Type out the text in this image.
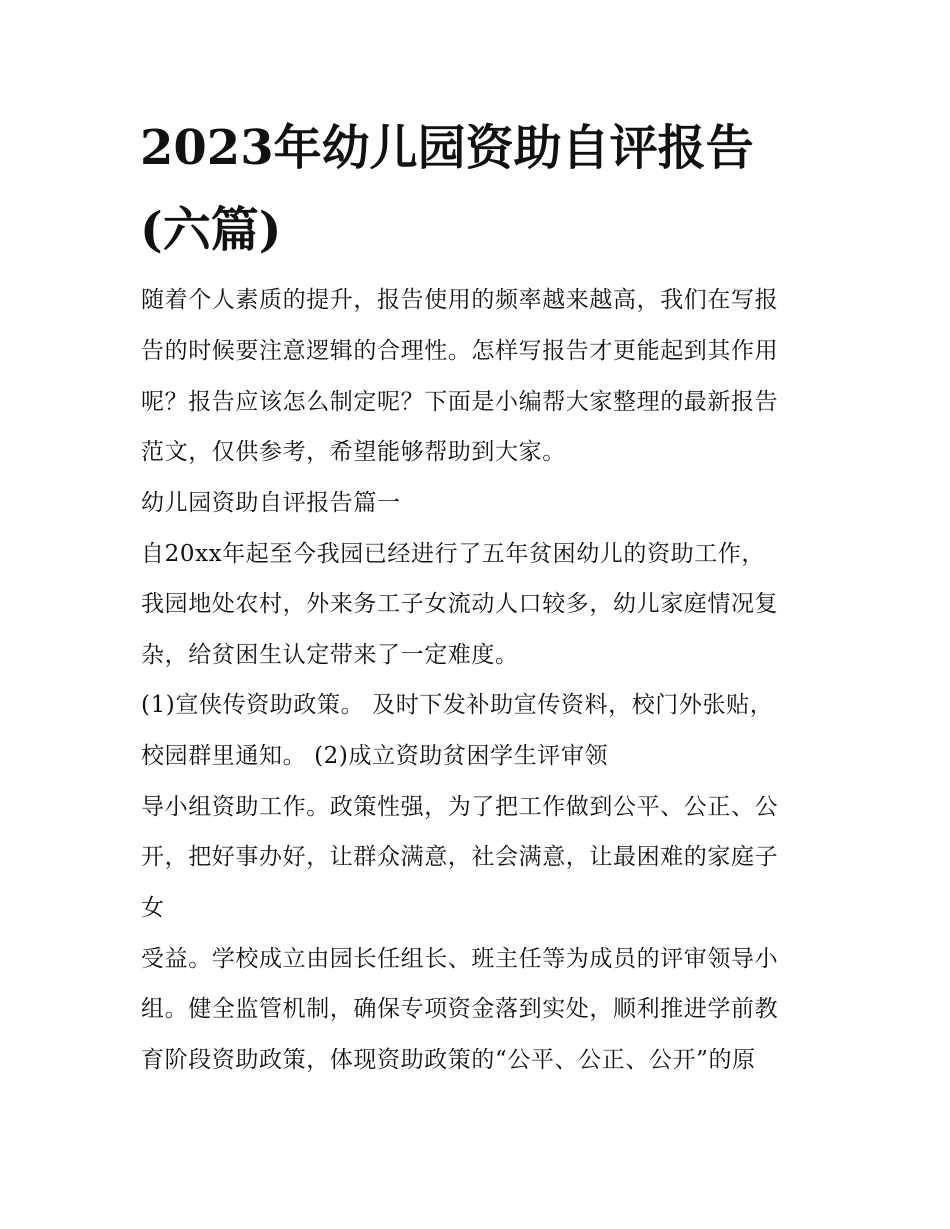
2023年幼儿园资助自评报告
(六篇)
随着个人素质的提升，报告使用的频率越来越高，我们在写报
告的时候要注意逻辑的合理性。怎样写报告才更能起到其作用
呢？报告应该怎么制定呢？下面是小编帮大家整理的最新报告
范文，仅供参考，希望能够帮助到大家。
幼儿园资助自评报告篇一
自20xx年起至今我园已经进行了五年贫困幼儿的资助工作，
我园地处农村，外来务工子女流动人口较多，幼儿家庭情况复
杂，给贫困生认定带来了一定难度。
(1)宣侠传资助政策。 及时下发补助宣传资料，校门外张贴，
校园群里通知。 (2)成立资助贫困学生评审领
导小组资助工作。政策性强，为了把工作做到公平、公正、公
开，把好事办好，让群众满意，社会满意，让最困难的家庭子
女
受益。学校成立由园长任组长、班主任等为成员的评审领导小
组。健全监管机制，确保专项资金落到实处，顺利推进学前教
育阶段资助政策，体现资助政策的“公平、公正、公开”的原
